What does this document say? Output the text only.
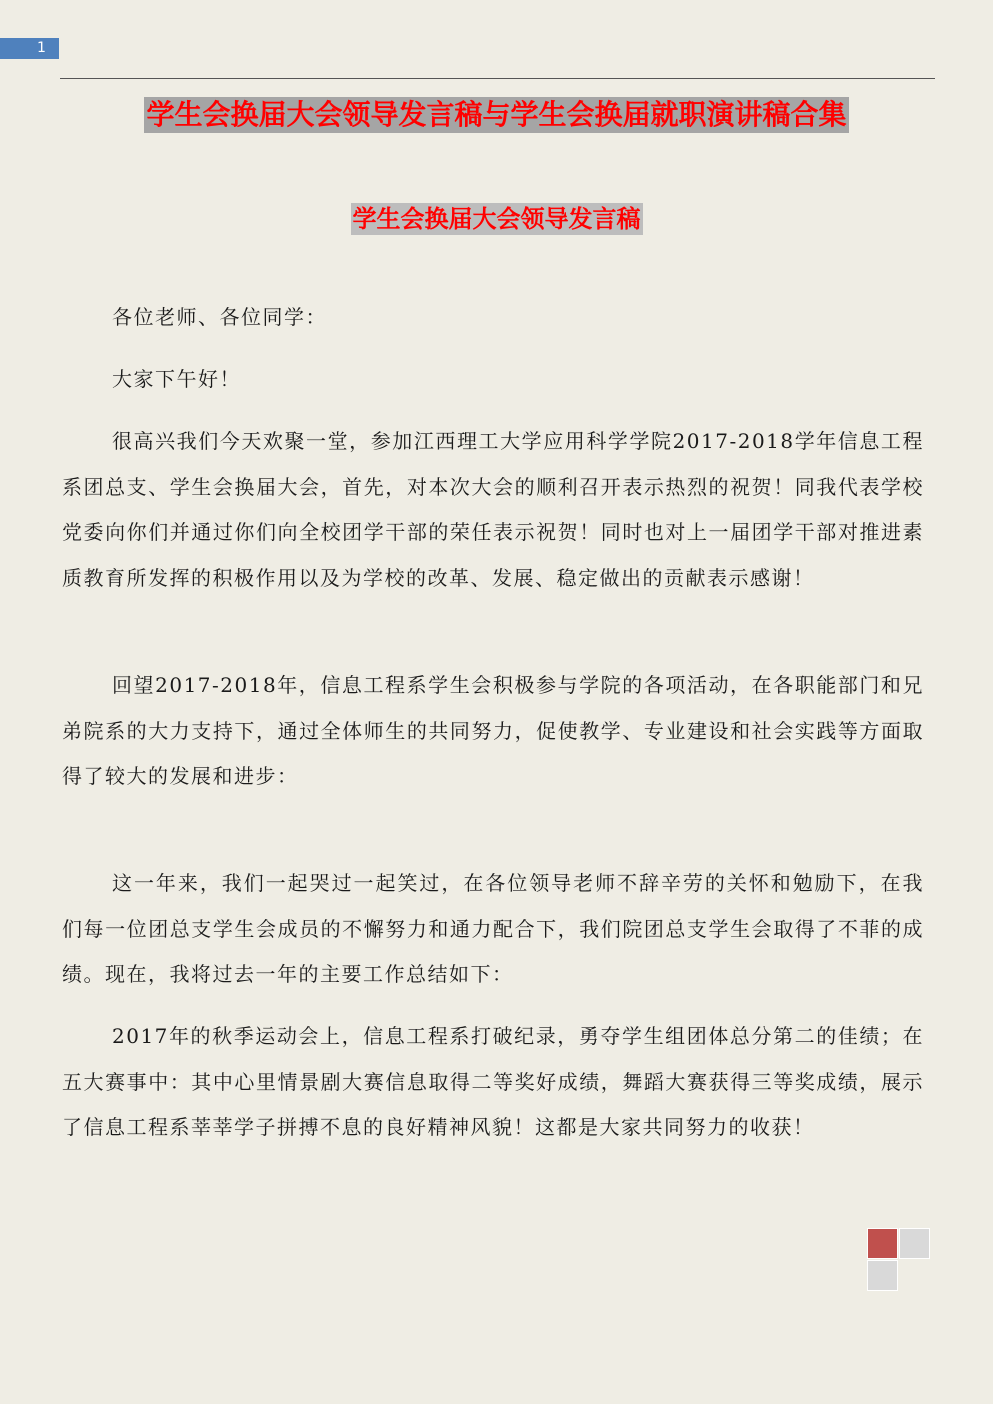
1
学生会换届大会领导发言稿与学生会换届就职演讲稿合集
学生会换届大会领导发言稿

各位老师、各位同学：

大家下午好！

很高兴我们今天欢聚一堂，参加江西理工大学应用科学学院2017-2018学年信息工程系团总支、学生会换届大会，首先，对本次大会的顺利召开表示热烈的祝贺！同我代表学校党委向你们并通过你们向全校团学干部的荣任表示祝贺！同时也对上一届团学干部对推进素质教育所发挥的积极作用以及为学校的改革、发展、稳定做出的贡献表示感谢！

回望2017-2018年，信息工程系学生会积极参与学院的各项活动，在各职能部门和兄弟院系的大力支持下，通过全体师生的共同努力，促使教学、专业建设和社会实践等方面取得了较大的发展和进步：

这一年来，我们一起哭过一起笑过，在各位领导老师不辞辛劳的关怀和勉励下，在我们每一位团总支学生会成员的不懈努力和通力配合下，我们院团总支学生会取得了不菲的成绩。现在，我将过去一年的主要工作总结如下：

2017年的秋季运动会上，信息工程系打破纪录，勇夺学生组团体总分第二的佳绩；在五大赛事中：其中心里情景剧大赛信息取得二等奖好成绩，舞蹈大赛获得三等奖成绩，展示了信息工程系莘莘学子拼搏不息的良好精神风貌！这都是大家共同努力的收获！
